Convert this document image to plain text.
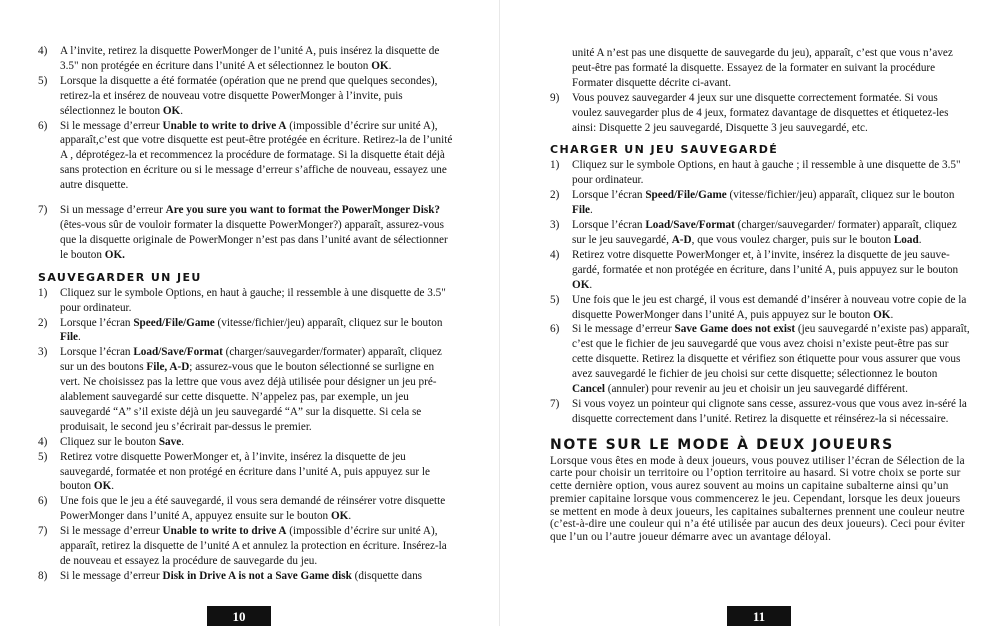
4) A l’invite, retirez la disquette PowerMonger de l’unité A, puis insérez la disquette de 3.5" non protégée en écriture dans l’unité A et sélectionnez le bouton OK.
5) Lorsque la disquette a été formatée (opération que ne prend que quelques secondes), retirez-la et insérez de nouveau votre disquette PowerMonger à l’invite, puis sélectionnez le bouton OK.
6) Si le message d’erreur Unable to write to drive A (impossible d’écrire sur unité A), apparaît,c’est que votre disquette est peut-être protégée en écriture. Retirez-la de l’unité A , déprotégez-la et recommencez la procédure de formatage. Si la disquette était déjà sans protection en écriture ou si le message d’erreur s’affiche de nouveau, essayez une autre disquette.
7) Si un message d’erreur Are you sure you want to format the PowerMonger Disk? (êtes-vous sûr de vouloir formater la disquette PowerMonger?) apparaît, assurez-vous que la disquette originale de PowerMonger n’est pas dans l’unité avant de sélectionner le bouton OK.
SAUVEGARDER UN JEU
1) Cliquez sur le symbole Options, en haut à gauche; il ressemble à une disquette de 3.5" pour ordinateur.
2) Lorsque l’écran Speed/File/Game (vitesse/fichier/jeu) apparaît, cliquez sur le bouton File.
3) Lorsque l’écran Load/Save/Format (charger/sauvegarder/formater) apparaît, cliquez sur un des boutons File, A-D; assurez-vous que le bouton sélectionné se surligne en vert. Ne choisissez pas la lettre que vous avez déjà utilisée pour désigner un jeu pré-alablement sauvegardé sur cette disquette. N’appelez pas, par exemple, un jeu sauvegardé “A” s’il existe déjà un jeu sauvegardé “A” sur la disquette. Si cela se produisait, le second jeu s’écrirait par-dessus le premier.
4) Cliquez sur le bouton Save.
5) Retirez votre disquette PowerMonger et, à l’invite, insérez la disquette de jeu sauvegardé, formatée et non protégé en écriture dans l’unité A, puis appuyez sur le bouton OK.
6) Une fois que le jeu a été sauvegardé, il vous sera demandé de réinsérer votre disquette PowerMonger dans l’unité A, appuyez ensuite sur le bouton OK.
7) Si le message d’erreur Unable to write to drive A (impossible d’écrire sur unité A), apparaît, retirez la disquette de l’unité A et annulez la protection en écriture. Insérez-la de nouveau et essayez la procédure de sauvegarde du jeu.
8) Si le message d’erreur Disk in Drive A is not a Save Game disk (disquette dans
10
unité A n’est pas une disquette de sauvegarde du jeu), apparaît, c’est que vous n’avez peut-être pas formaté la disquette. Essayez de la formater en suivant la procédure Formater disquette décrite ci-avant.
9) Vous pouvez sauvegarder 4 jeux sur une disquette correctement formatée. Si vous voulez sauvegarder plus de 4 jeux, formatez davantage de disquettes et étiquetez-les ainsi: Disquette 2 jeu sauvegardé, Disquette 3 jeu sauvegardé, etc.
CHARGER UN JEU SAUVEGARDÉ
1) Cliquez sur le symbole Options, en haut à gauche ; il ressemble à une disquette de 3.5" pour ordinateur.
2) Lorsque l’écran Speed/File/Game (vitesse/fichier/jeu) apparaît, cliquez sur le bouton File.
3) Lorsque l’écran Load/Save/Format (charger/sauvegarder/ formater) apparaît, cliquez sur le jeu sauvegardé, A-D, que vous voulez charger, puis sur le bouton Load.
4) Retirez votre disquette PowerMonger et, à l’invite, insérez la disquette de jeu sauve-gardé, formatée et non protégée en écriture, dans l’unité A, puis appuyez sur le bouton OK.
5) Une fois que le jeu est chargé, il vous est demandé d’insérer à nouveau votre copie de la disquette PowerMonger dans l’unité A, puis appuyez sur le bouton OK.
6) Si le message d’erreur Save Game does not exist (jeu sauvegardé n’existe pas) apparaît, c’est que le fichier de jeu sauvegardé que vous avez choisi n’existe peut-être pas sur cette disquette. Retirez la disquette et vérifiez son étiquette pour vous assurer que vous avez sauvegardé le fichier de jeu choisi sur cette disquette; sélectionnez le bouton Cancel (annuler) pour revenir au jeu et choisir un jeu sauvegardé différent.
7) Si vous voyez un pointeur qui clignote sans cesse, assurez-vous que vous avez in-séré la disquette correctement dans l’unité. Retirez la disquette et réinsérez-la si nécessaire.
NOTE SUR LE MODE À DEUX JOUEURS
Lorsque vous êtes en mode à deux joueurs, vous pouvez utiliser l’écran de Sélection de la carte pour choisir un territoire ou l’option territoire au hasard. Si votre choix se porte sur cette dernière option, vous aurez souvent au moins un capitaine subalterne ainsi qu’un premier capitaine lorsque vous commencerez le jeu. Cependant, lorsque les deux joueurs se mettent en mode à deux joueurs, les capitaines subalternes prennent une couleur neutre (c’est-à-dire une couleur qui n’a été utilisée par aucun des deux joueurs). Ceci pour éviter que l’un ou l’autre joueur démarre avec un avantage déloyal.
11
